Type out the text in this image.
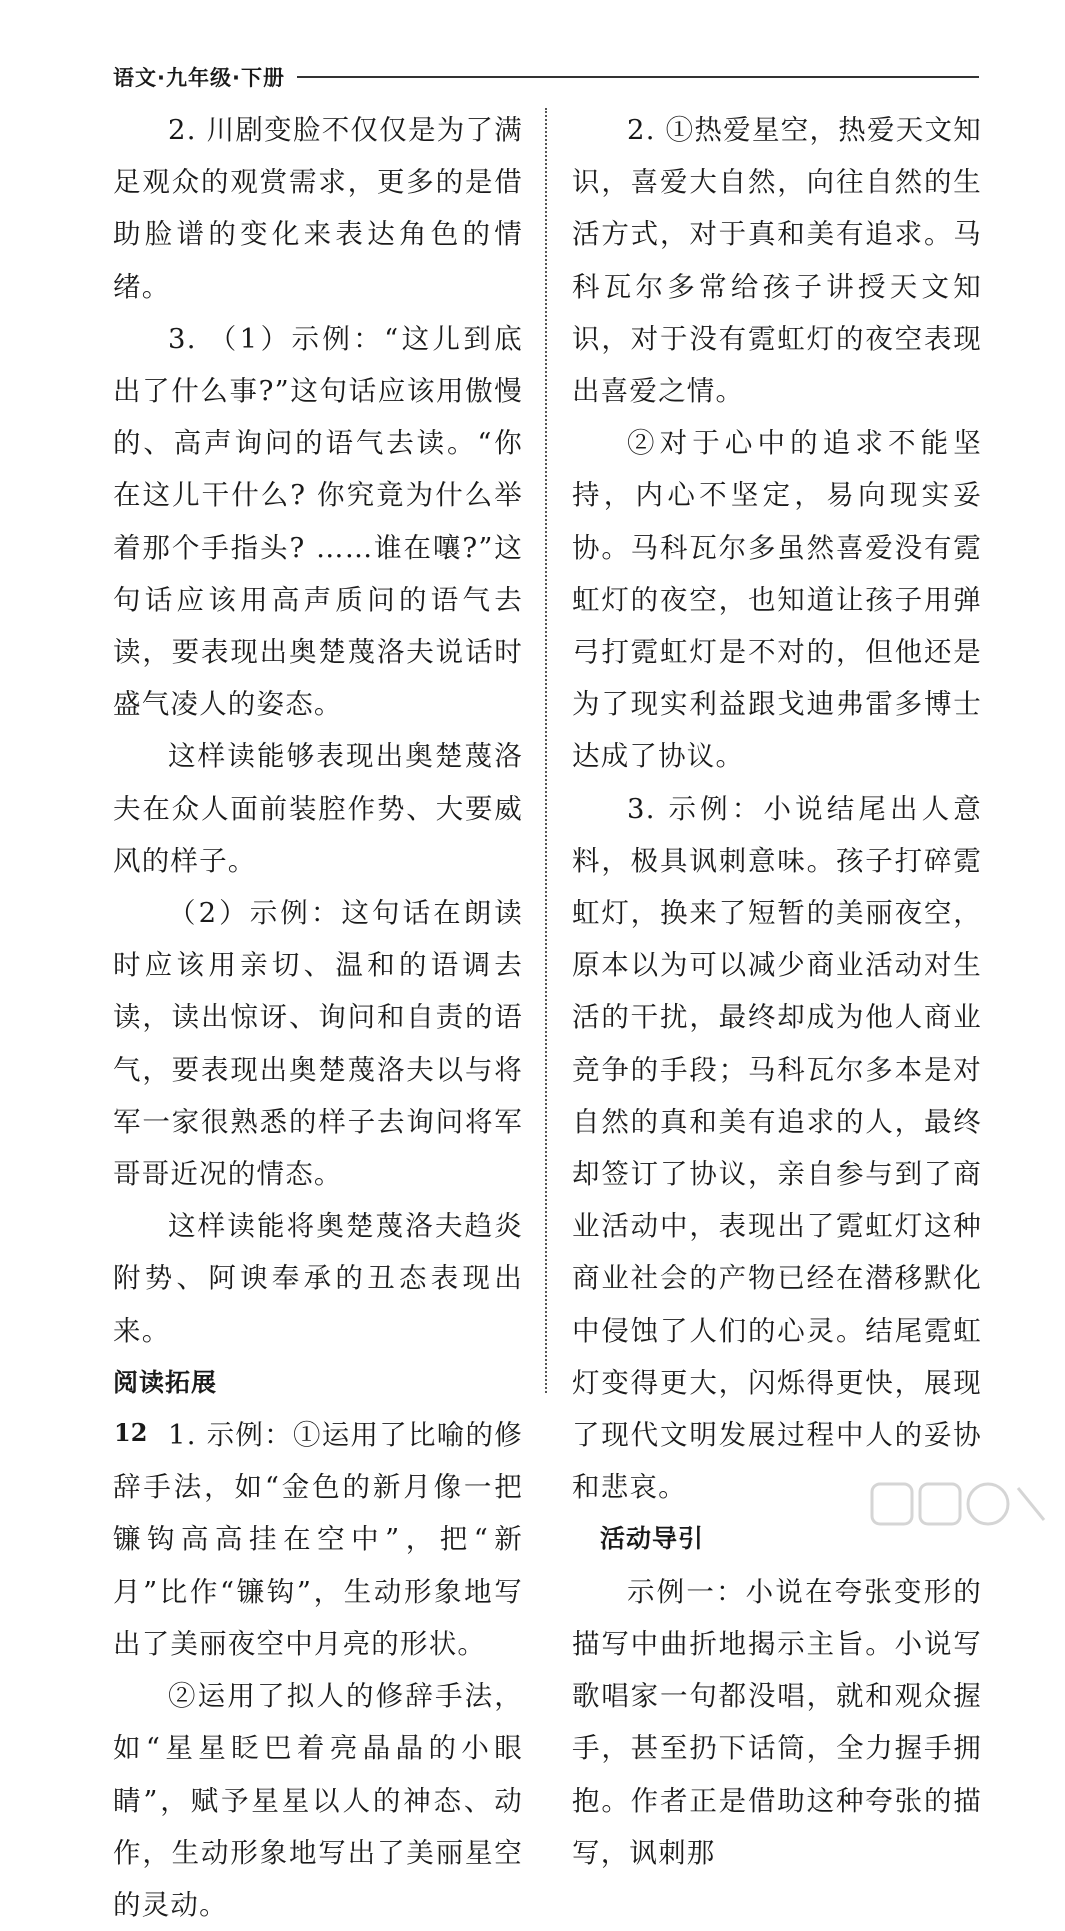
语文·九年级·下册

2. 川剧变脸不仅仅是为了满足观众的观赏需求，更多的是借助脸谱的变化来表达角色的情绪。

3. （1）示例：“这儿到底出了什么事?”这句话应该用傲慢的、高声询问的语气去读。“你在这儿干什么? 你究竟为什么举着那个手指头? ……谁在嚷?”这句话应该用高声质问的语气去读，要表现出奥楚蔑洛夫说话时盛气凌人的姿态。

这样读能够表现出奥楚蔑洛夫在众人面前装腔作势、大要威风的样子。

（2）示例：这句话在朗读时应该用亲切、温和的语调去读，读出惊讶、询问和自责的语气，要表现出奥楚蔑洛夫以与将军一家很熟悉的样子去询问将军哥哥近况的情态。

这样读能将奥楚蔑洛夫趋炎附势、阿谀奉承的丑态表现出来。

阅读拓展

1. 示例：①运用了比喻的修辞手法，如“金色的新月像一把镰钩高高挂在空中”，把“新月”比作“镰钩”，生动形象地写出了美丽夜空中月亮的形状。

②运用了拟人的修辞手法，如“星星眨巴着亮晶晶的小眼睛”，赋予星星以人的神态、动作，生动形象地写出了美丽星空的灵动。

2. ①热爱星空，热爱天文知识，喜爱大自然，向往自然的生活方式，对于真和美有追求。马科瓦尔多常给孩子讲授天文知识，对于没有霓虹灯的夜空表现出喜爱之情。

②对于心中的追求不能坚持，内心不坚定，易向现实妥协。马科瓦尔多虽然喜爱没有霓虹灯的夜空，也知道让孩子用弹弓打霓虹灯是不对的，但他还是为了现实利益跟戈迪弗雷多博士达成了协议。

3. 示例：小说结尾出人意料，极具讽刺意味。孩子打碎霓虹灯，换来了短暂的美丽夜空，原本以为可以减少商业活动对生活的干扰，最终却成为他人商业竞争的手段；马科瓦尔多本是对自然的真和美有追求的人，最终却签订了协议，亲自参与到了商业活动中，表现出了霓虹灯这种商业社会的产物已经在潜移默化中侵蚀了人们的心灵。结尾霓虹灯变得更大，闪烁得更快，展现了现代文明发展过程中人的妥协和悲哀。

活动导引

示例一：小说在夸张变形的描写中曲折地揭示主旨。小说写歌唱家一句都没唱，就和观众握手，甚至扔下话筒，全力握手拥抱。作者正是借助这种夸张的描写，讽刺那

12
